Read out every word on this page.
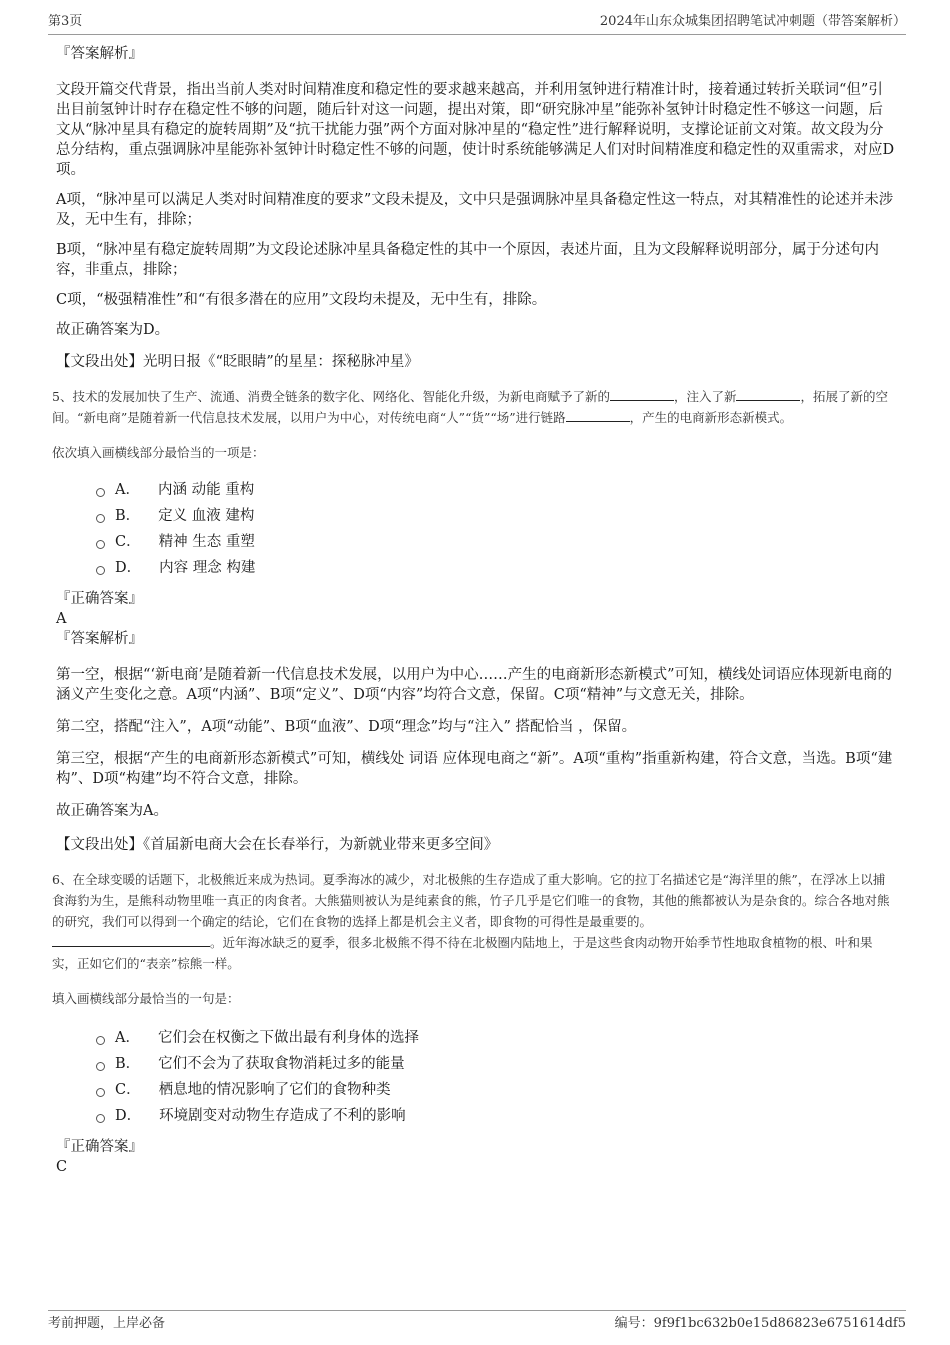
第3页	2024年山东众城集团招聘笔试冲刺题（带答案解析）

『答案解析』

文段开篇交代背景，指出当前人类对时间精准度和稳定性的要求越来越高，并利用氢钟进行精准计时，接着通过转折关联词“但”引出目前氢钟计时存在稳定性不够的问题，随后针对这一问题，提出对策，即“研究脉冲星”能弥补氢钟计时稳定性不够这一问题，后文从“脉冲星具有稳定的旋转周期”及“抗干扰能力强”两个方面对脉冲星的“稳定性”进行解释说明，支撑论证前文对策。故文段为分总分结构，重点强调脉冲星能弥补氢钟计时稳定性不够的问题，使计时系统能够满足人们对时间精准度和稳定性的双重需求，对应D项。

A项，“脉冲星可以满足人类对时间精准度的要求”文段未提及，文中只是强调脉冲星具备稳定性这一特点，对其精准性的论述并未涉及，无中生有，排除；

B项，“脉冲星有稳定旋转周期”为文段论述脉冲星具备稳定性的其中一个原因，表述片面，且为文段解释说明部分，属于分述句内容，非重点，排除；

C项，“极强精准性”和“有很多潜在的应用”文段均未提及，无中生有，排除。

故正确答案为D。

【文段出处】光明日报《“眨眼睛”的星星：探秘脉冲星》

5、技术的发展加快了生产、流通、消费全链条的数字化、网络化、智能化升级，为新电商赋予了新的	，注入了新	，拓展了新的空间。“新电商”是随着新一代信息技术发展，以用户为中心，对传统电商“人”“货”“场”进行链路	，产生的电商新形态新模式。

依次填入画横线部分最恰当的一项是：

A． 内涵 动能 重构
B． 定义 血液 建构
C． 精神 生态 重塑
D． 内容 理念 构建

『正确答案』

A

『答案解析』

第一空，根据“‘新电商’是随着新一代信息技术发展，以用户为中心……产生的电商新形态新模式”可知，横线处词语应体现新电商的涵义产生变化之意。A项“内涵”、B项“定义”、D项“内容”均符合文意，保留。C项“精神”与文意无关，排除。

第二空，搭配“注入”，A项“动能”、B项“血液”、D项“理念”均与“注入” 搭配恰当 ，保留。

第三空，根据“产生的电商新形态新模式”可知，横线处 词语 应体现电商之“新”。A项“重构”指重新构建，符合文意，当选。B项“建构”、D项“构建”均不符合文意，排除。

故正确答案为A。

【文段出处】《首届新电商大会在长春举行，为新就业带来更多空间》

6、在全球变暖的话题下，北极熊近来成为热词。夏季海冰的减少，对北极熊的生存造成了重大影响。它的拉丁名描述它是“海洋里的熊”，在浮冰上以捕食海豹为生，是熊科动物里唯一真正的肉食者。大熊猫则被认为是纯素食的熊，竹子几乎是它们唯一的食物，其他的熊都被认为是杂食的。综合各地对熊的研究，我们可以得到一个确定的结论，它们在食物的选择上都是机会主义者，即食物的可得性是最重要的。
。近年海冰缺乏的夏季，很多北极熊不得不待在北极圈内陆地上，于是这些食肉动物开始季节性地取食植物的根、叶和果实，正如它们的“表亲”棕熊一样。

填入画横线部分最恰当的一句是：

A． 它们会在权衡之下做出最有利身体的选择
B． 它们不会为了获取食物消耗过多的能量
C． 栖息地的情况影响了它们的食物种类
D． 环境剧变对动物生存造成了不利的影响

『正确答案』

C

考前押题，上岸必备	编号：9f9f1bc632b0e15d86823e6751614df5
